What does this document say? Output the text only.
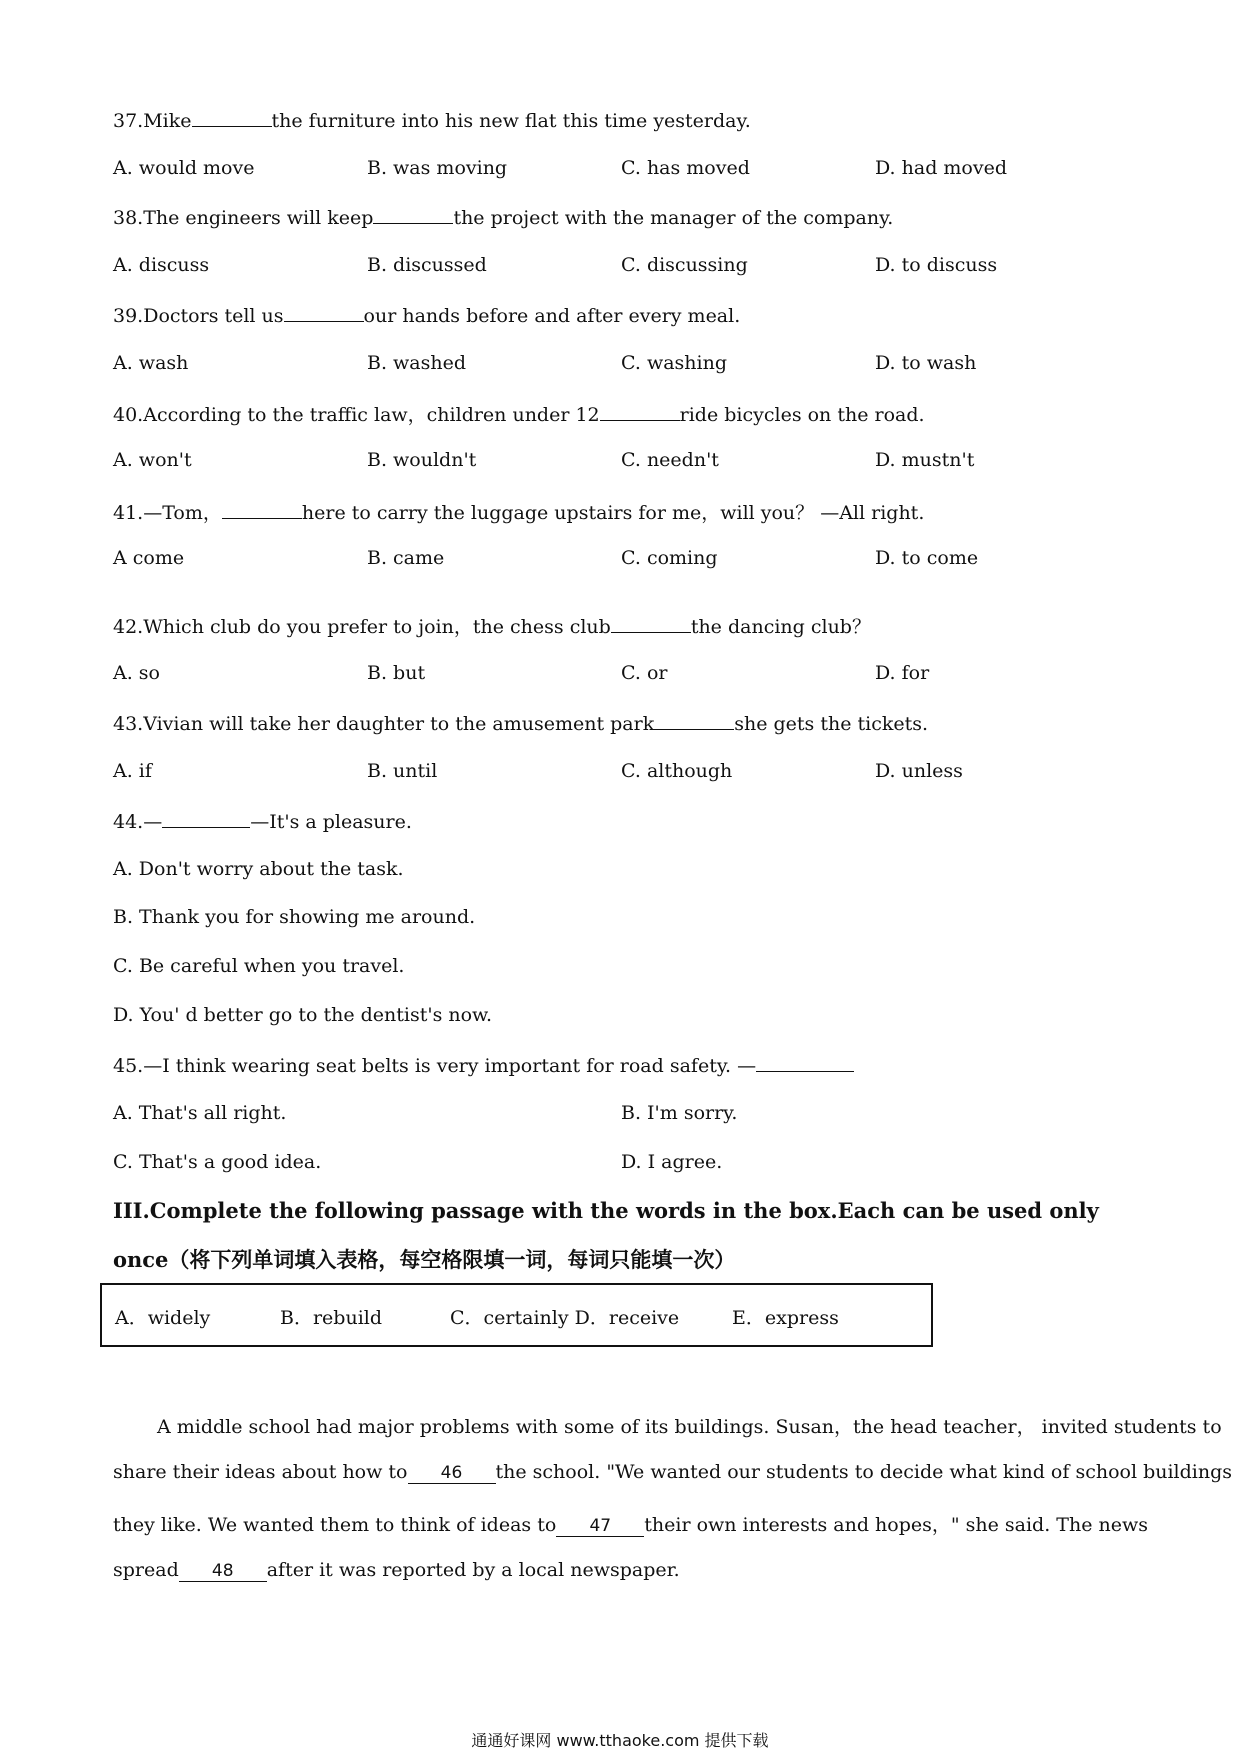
37.Mike	the furniture into his new flat this time yesterday.
A. would move	B. was moving	C. has moved	D. had moved
38.The engineers will keep	the project with the manager of the company.
A. discuss	B. discussed	C. discussing	D. to discuss
39.Doctors tell us	our hands before and after every meal.
A. wash	B. washed	C. washing	D. to wash
40.According to the traffic law，children under 12	ride bicycles on the road.
A. won't	B. wouldn't	C. needn't	D. mustn't
41.—Tom，	here to carry the luggage upstairs for me，will you？ —All right.
A come	B. came	C. coming	D. to come
42.Which club do you prefer to join，the chess club	the dancing club？
A. so	B. but	C. or	D. for
43.Vivian will take her daughter to the amusement park	she gets the tickets.
A. if	B. until	C. although	D. unless
44.—	—It's a pleasure.
A. Don't worry about the task.
B. Thank you for showing me around.
C. Be careful when you travel.
D. You' d better go to the dentist's now.
45.—I think wearing seat belts is very important for road safety. —
A. That's all right.	B. I'm sorry.
C. That's a good idea.	D. I agree.
III.Complete the following passage with the words in the box.Each can be used only once（将下列单词填入表格，每空格限填一词，每词只能填一次）
A．widely	B．rebuild	C．certainly D．receive	E．express
A middle school had major problems with some of its buildings. Susan，the head teacher， invited students to
share their ideas about how to 46 the school. "We wanted our students to decide what kind of school buildings
they like. We wanted them to think of ideas to 47 their own interests and hopes，" she said. The news
spread 48 after it was reported by a local newspaper.
通通好课网 www.tthaoke.com 提供下载
